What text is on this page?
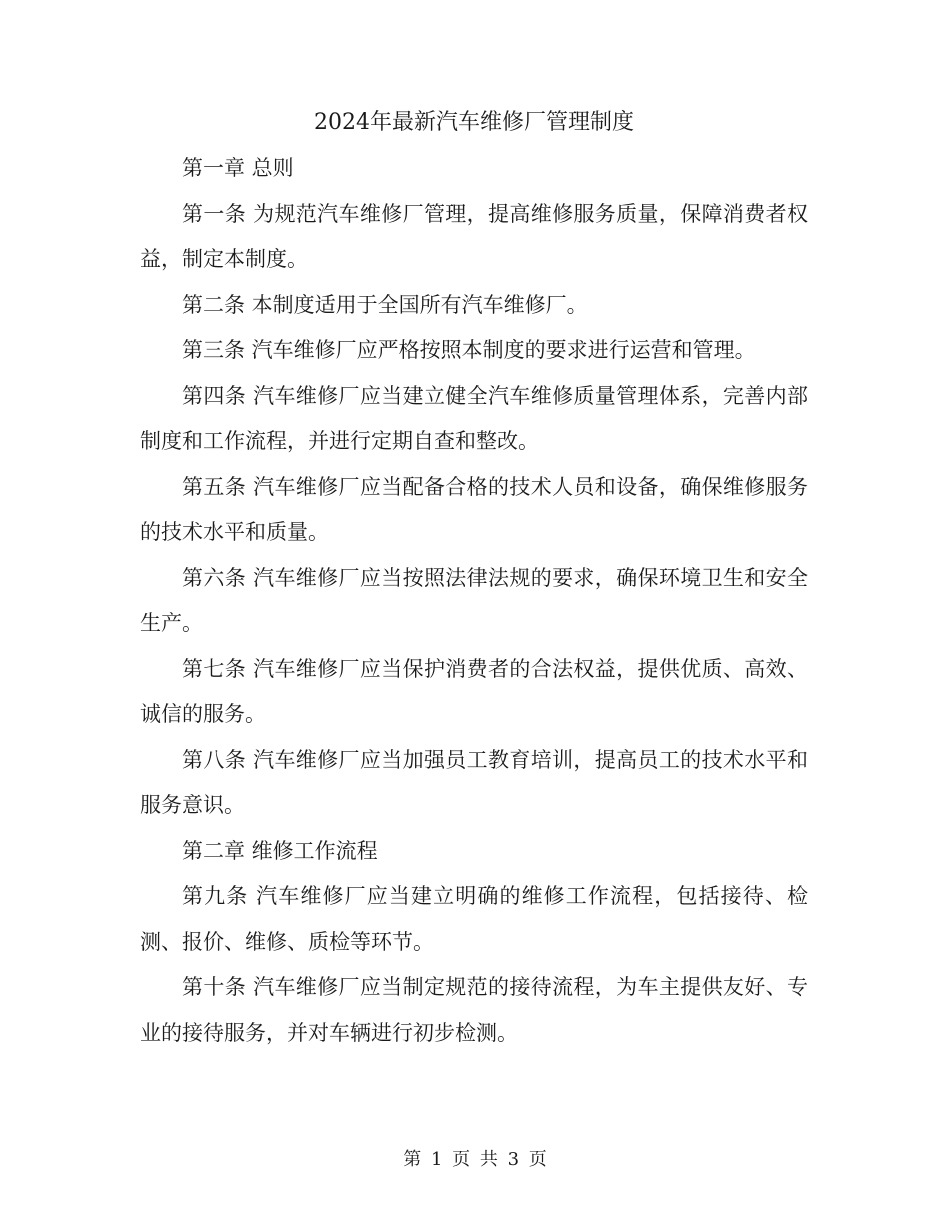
2024年最新汽车维修厂管理制度

第一章 总则

第一条 为规范汽车维修厂管理，提高维修服务质量，保障消费者权益，制定本制度。

第二条 本制度适用于全国所有汽车维修厂。

第三条 汽车维修厂应严格按照本制度的要求进行运营和管理。

第四条 汽车维修厂应当建立健全汽车维修质量管理体系，完善内部制度和工作流程，并进行定期自查和整改。

第五条 汽车维修厂应当配备合格的技术人员和设备，确保维修服务的技术水平和质量。

第六条 汽车维修厂应当按照法律法规的要求，确保环境卫生和安全生产。

第七条 汽车维修厂应当保护消费者的合法权益，提供优质、高效、诚信的服务。

第八条 汽车维修厂应当加强员工教育培训，提高员工的技术水平和服务意识。

第二章 维修工作流程

第九条 汽车维修厂应当建立明确的维修工作流程，包括接待、检测、报价、维修、质检等环节。

第十条 汽车维修厂应当制定规范的接待流程，为车主提供友好、专业的接待服务，并对车辆进行初步检测。

第 1 页 共 3 页
